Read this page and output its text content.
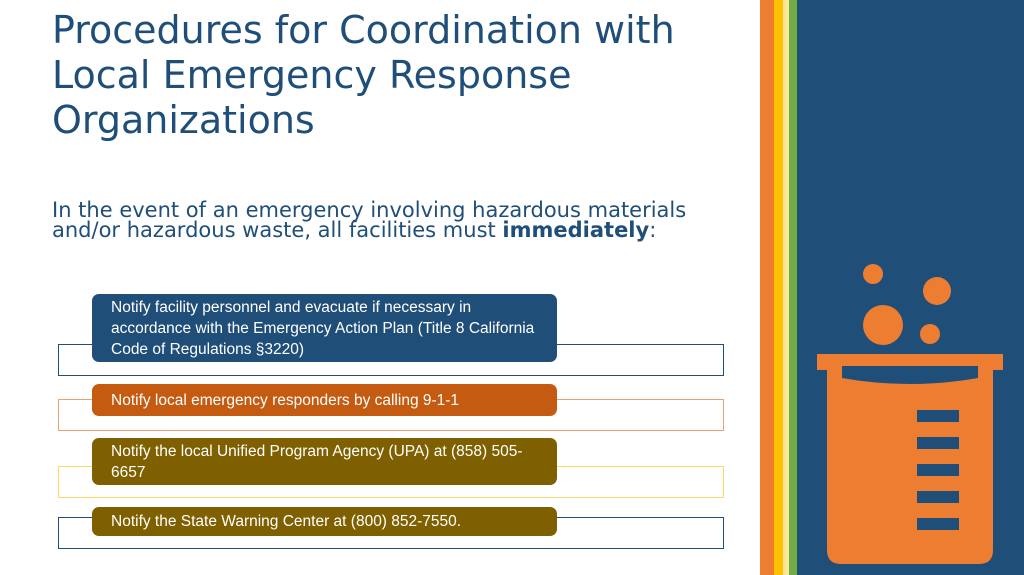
Procedures for Coordination with Local Emergency Response Organizations

In the event of an emergency involving hazardous materials and/or hazardous waste, all facilities must immediately:

Notify facility personnel and evacuate if necessary in accordance with the Emergency Action Plan (Title 8 California Code of Regulations §3220)
Notify local emergency responders by calling 9-1-1
Notify the local Unified Program Agency (UPA) at (858) 505-6657
Notify the State Warning Center at (800) 852-7550.
